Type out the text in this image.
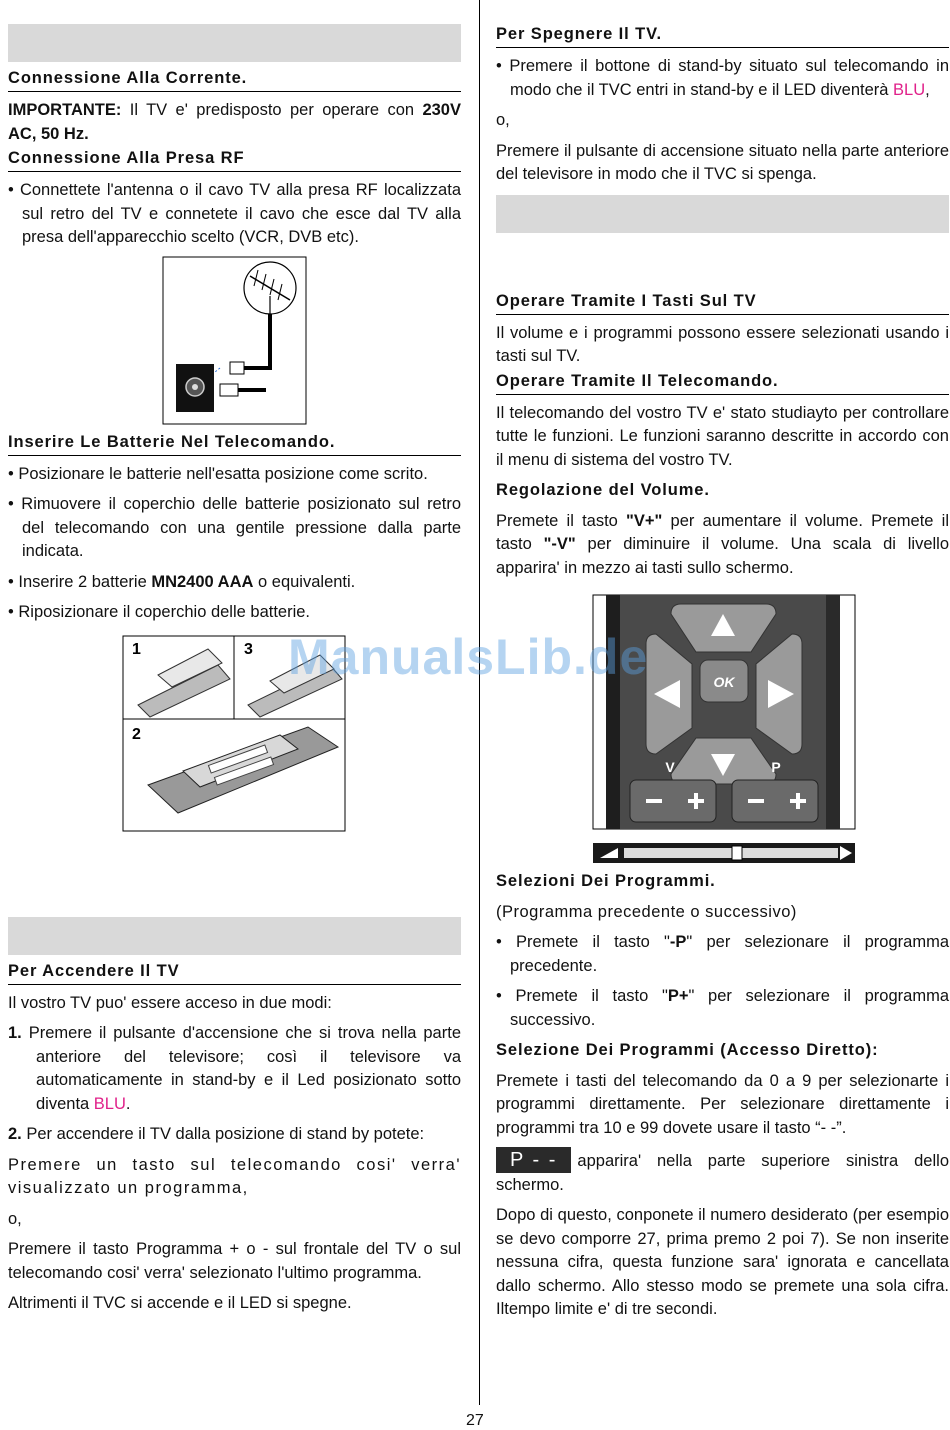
Connessione Alla Corrente.

IMPORTANTE: Il TV e' predisposto per operare con 230V AC, 50 Hz.

Connessione Alla Presa RF

• Connettete l'antenna o il cavo TV alla presa RF localizzata sul retro del TV e connetete il cavo che esce dal TV alla presa dell'apparecchio scelto (VCR, DVB etc).

Inserire Le Batterie Nel Telecomando.

• Posizionare le batterie nell'esatta posizione come scrito.

• Rimuovere il coperchio delle batterie posizionato sul retro del telecomando con una gentile pressione dalla parte indicata.

• Inserire 2 batterie MN2400 AAA o equivalenti.

• Riposizionare il coperchio delle batterie.

1	3
2
Per Accendere Il TV

Il vostro TV puo' essere acceso in due modi:

1. Premere il pulsante d'accensione che si trova nella parte anteriore del televisore; così il televisore va automaticamente in stand-by e il Led posizionato sotto diventa BLU.

2. Per accendere il TV dalla posizione di stand by potete:

Premere un tasto sul telecomando cosi' verra' visualizzato un programma,

o,

Premere il tasto Programma + o - sul frontale del TV o sul telecomando cosi' verra' selezionato l'ultimo programma.

Altrimenti il TVC si accende e il LED si spegne.

Per Spegnere Il TV.

• Premere il bottone di stand-by situato sul telecomando in modo che il TVC entri in stand-by e il LED diventerà BLU,

o,

Premere il pulsante di accensione situato nella parte anteriore del televisore in modo che il TVC si spenga.

Operare Tramite I Tasti Sul TV

Il volume e i programmi possono essere selezionati usando i tasti sul TV.

Operare Tramite Il Telecomando.

Il telecomando del vostro TV e' stato studiayto per controllare tutte le funzioni. Le funzioni saranno descritte in accordo con il menu di sistema del vostro TV.

Regolazione del Volume.

Premete il tasto "V+" per aumentare il volume. Premete il tasto "-V" per diminuire il volume. Una scala di livello apparira' in mezzo ai tasti sullo schermo.

OK
V	P

Selezioni Dei Programmi.

(Programma precedente o successivo)

• Premete il tasto "-P" per selezionare il programma precedente.

• Premete il tasto "P+" per selezionare il programma successivo.

Selezione Dei Programmi (Accesso Diretto):

Premete i tasti del telecomando da 0 a 9 per selezionarte i programmi direttamente. Per selezionare direttamente i programmi tra 10 e 99 dovete usare il tasto “- -”.

P - - apparira' nella parte superiore sinistra dello schermo.

Dopo di questo, conponete il numero desiderato (per esempio se devo comporre 27, prima premo 2 poi 7). Se non inserite nessuna cifra, questa funzione sara' ignorata e cancellata dallo schermo. Allo stesso modo se premete una sola cifra. Iltempo limite e' di tre secondi.

ManualsLib.de
27
